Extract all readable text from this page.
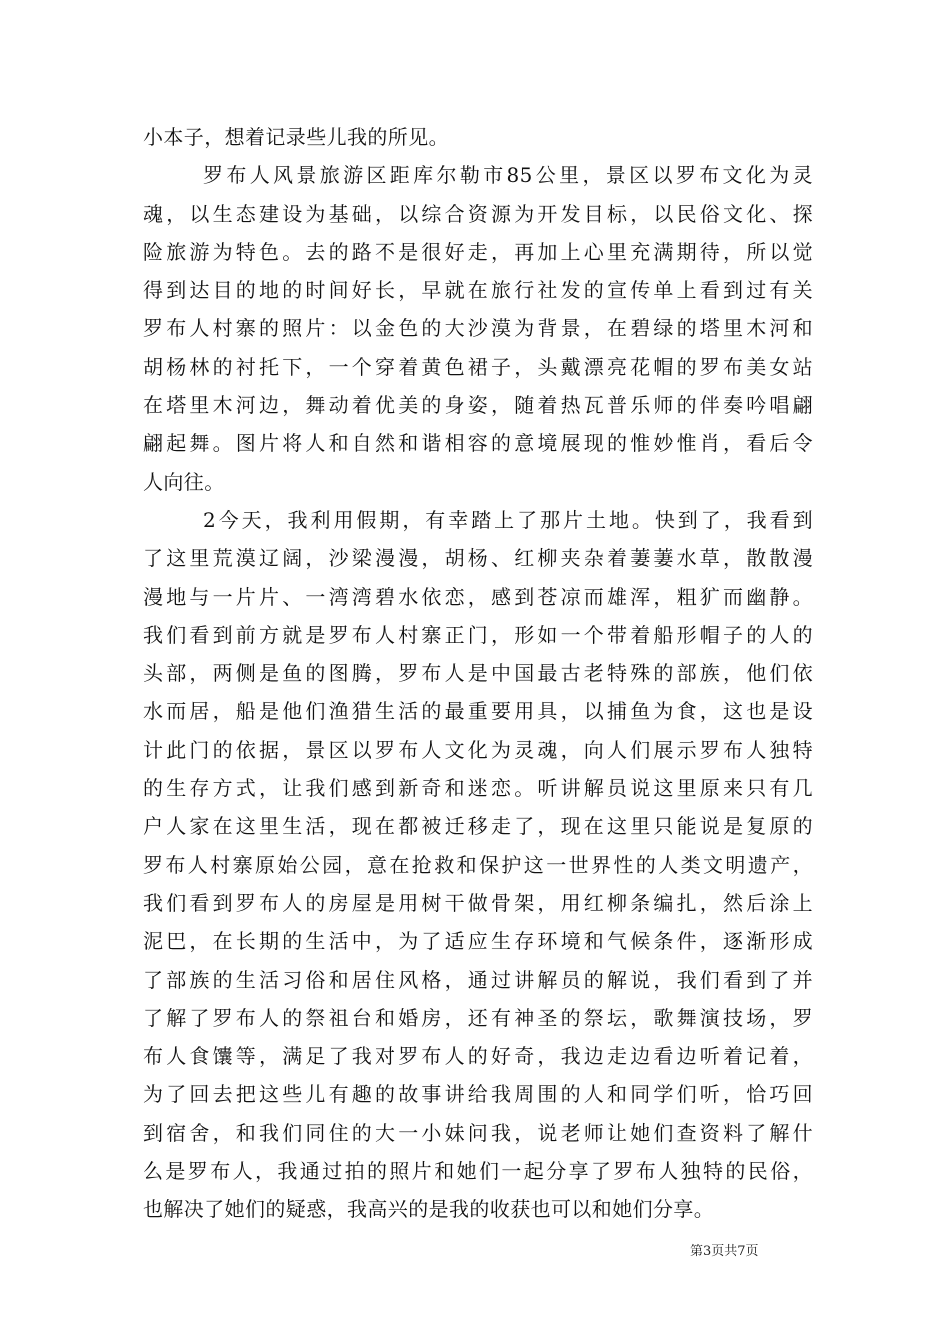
小本子，想着记录些儿我的所见。
罗布人风景旅游区距库尔勒市85公里，景区以罗布文化为灵
魂，以生态建设为基础，以综合资源为开发目标，以民俗文化、探
险旅游为特色。去的路不是很好走，再加上心里充满期待，所以觉
得到达目的地的时间好长，早就在旅行社发的宣传单上看到过有关
罗布人村寨的照片：以金色的大沙漠为背景，在碧绿的塔里木河和
胡杨林的衬托下，一个穿着黄色裙子，头戴漂亮花帽的罗布美女站
在塔里木河边，舞动着优美的身姿，随着热瓦普乐师的伴奏吟唱翩
翩起舞。图片将人和自然和谐相容的意境展现的惟妙惟肖，看后令
人向往。
2今天，我利用假期，有幸踏上了那片土地。快到了，我看到
了这里荒漠辽阔，沙梁漫漫，胡杨、红柳夹杂着萋萋水草，散散漫
漫地与一片片、一湾湾碧水依恋，感到苍凉而雄浑，粗犷而幽静。
我们看到前方就是罗布人村寨正门，形如一个带着船形帽子的人的
头部，两侧是鱼的图腾，罗布人是中国最古老特殊的部族，他们依
水而居，船是他们渔猎生活的最重要用具，以捕鱼为食，这也是设
计此门的依据，景区以罗布人文化为灵魂，向人们展示罗布人独特
的生存方式，让我们感到新奇和迷恋。听讲解员说这里原来只有几
户人家在这里生活，现在都被迁移走了，现在这里只能说是复原的
罗布人村寨原始公园，意在抢救和保护这一世界性的人类文明遗产，
我们看到罗布人的房屋是用树干做骨架，用红柳条编扎，然后涂上
泥巴，在长期的生活中，为了适应生存环境和气候条件，逐渐形成
了部族的生活习俗和居住风格，通过讲解员的解说，我们看到了并
了解了罗布人的祭祖台和婚房，还有神圣的祭坛，歌舞演技场，罗
布人食馕等，满足了我对罗布人的好奇，我边走边看边听着记着，
为了回去把这些儿有趣的故事讲给我周围的人和同学们听，恰巧回
到宿舍，和我们同住的大一小妹问我，说老师让她们查资料了解什
么是罗布人，我通过拍的照片和她们一起分享了罗布人独特的民俗，
也解决了她们的疑惑，我高兴的是我的收获也可以和她们分享。
第3页共7页
